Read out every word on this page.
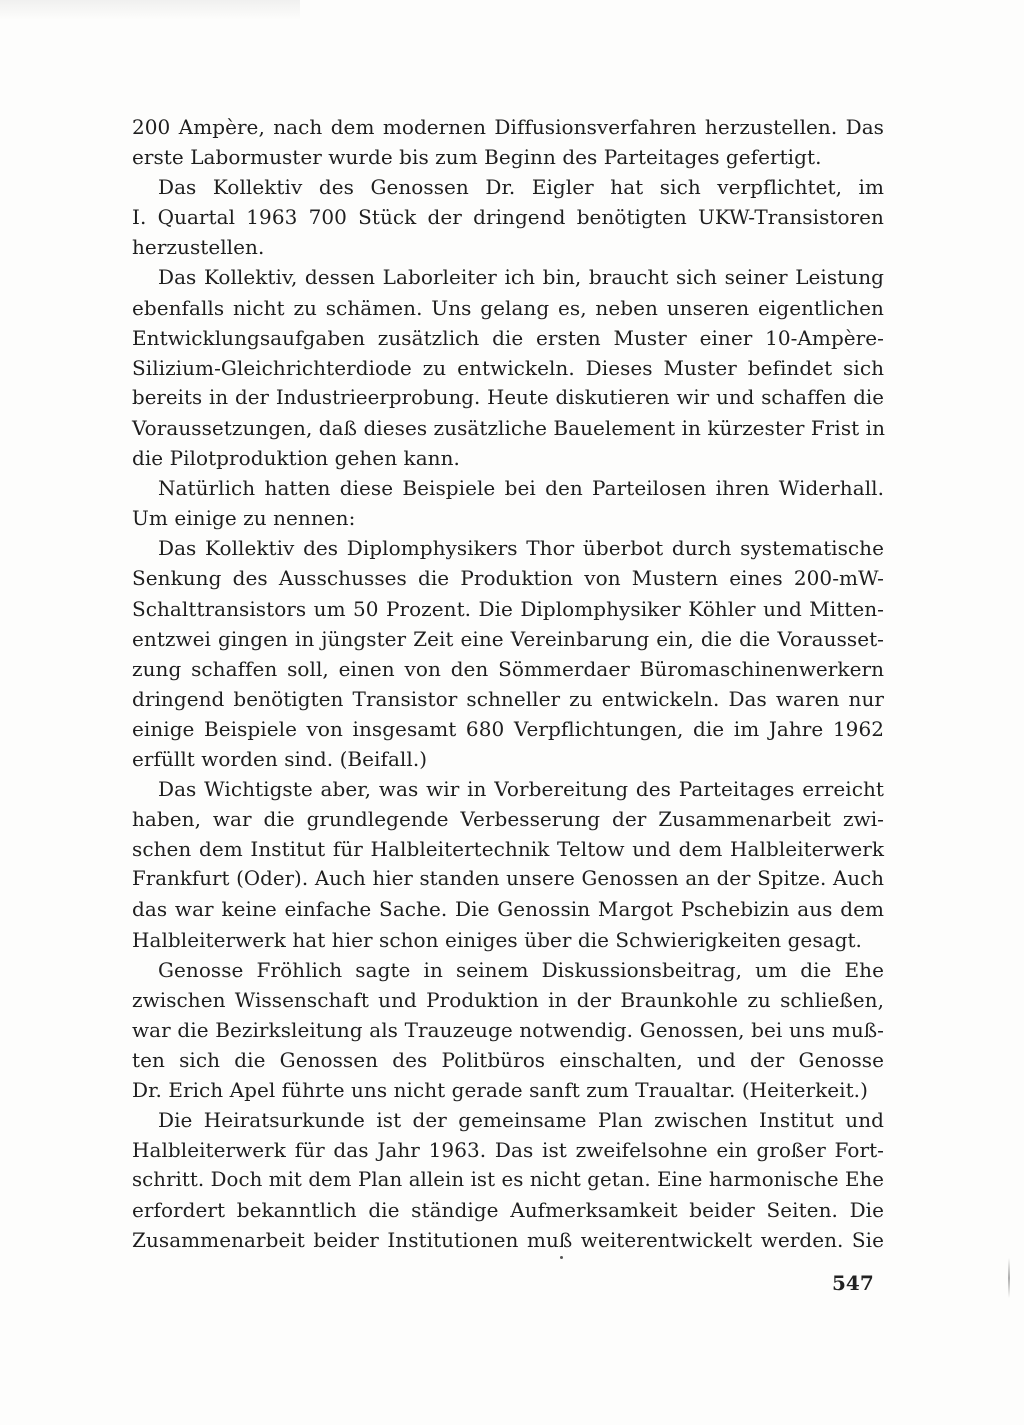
200 Ampère, nach dem modernen Diffusionsverfahren herzustellen. Das
erste Labormuster wurde bis zum Beginn des Parteitages gefertigt.
Das Kollektiv des Genossen Dr. Eigler hat sich verpflichtet, im
I. Quartal 1963 700 Stück der dringend benötigten UKW-Transistoren
herzustellen.
Das Kollektiv, dessen Laborleiter ich bin, braucht sich seiner Leistung
ebenfalls nicht zu schämen. Uns gelang es, neben unseren eigentlichen
Entwicklungsaufgaben zusätzlich die ersten Muster einer 10-Ampère-
Silizium-Gleichrichterdiode zu entwickeln. Dieses Muster befindet sich
bereits in der Industrieerprobung. Heute diskutieren wir und schaffen die
Voraussetzungen, daß dieses zusätzliche Bauelement in kürzester Frist in
die Pilotproduktion gehen kann.
Natürlich hatten diese Beispiele bei den Parteilosen ihren Widerhall.
Um einige zu nennen:
Das Kollektiv des Diplomphysikers Thor überbot durch systematische
Senkung des Ausschusses die Produktion von Mustern eines 200-mW-
Schalttransistors um 50 Prozent. Die Diplomphysiker Köhler und Mitten-
entzwei gingen in jüngster Zeit eine Vereinbarung ein, die die Vorausset-
zung schaffen soll, einen von den Sömmerdaer Büromaschinenwerkern
dringend benötigten Transistor schneller zu entwickeln. Das waren nur
einige Beispiele von insgesamt 680 Verpflichtungen, die im Jahre 1962
erfüllt worden sind. (Beifall.)
Das Wichtigste aber, was wir in Vorbereitung des Parteitages erreicht
haben, war die grundlegende Verbesserung der Zusammenarbeit zwi-
schen dem Institut für Halbleitertechnik Teltow und dem Halbleiterwerk
Frankfurt (Oder). Auch hier standen unsere Genossen an der Spitze. Auch
das war keine einfache Sache. Die Genossin Margot Pschebizin aus dem
Halbleiterwerk hat hier schon einiges über die Schwierigkeiten gesagt.
Genosse Fröhlich sagte in seinem Diskussionsbeitrag, um die Ehe
zwischen Wissenschaft und Produktion in der Braunkohle zu schließen,
war die Bezirksleitung als Trauzeuge notwendig. Genossen, bei uns muß-
ten sich die Genossen des Politbüros einschalten, und der Genosse
Dr. Erich Apel führte uns nicht gerade sanft zum Traualtar. (Heiterkeit.)
Die Heiratsurkunde ist der gemeinsame Plan zwischen Institut und
Halbleiterwerk für das Jahr 1963. Das ist zweifelsohne ein großer Fort-
schritt. Doch mit dem Plan allein ist es nicht getan. Eine harmonische Ehe
erfordert bekanntlich die ständige Aufmerksamkeit beider Seiten. Die
Zusammenarbeit beider Institutionen muß weiterentwickelt werden. Sie
547
